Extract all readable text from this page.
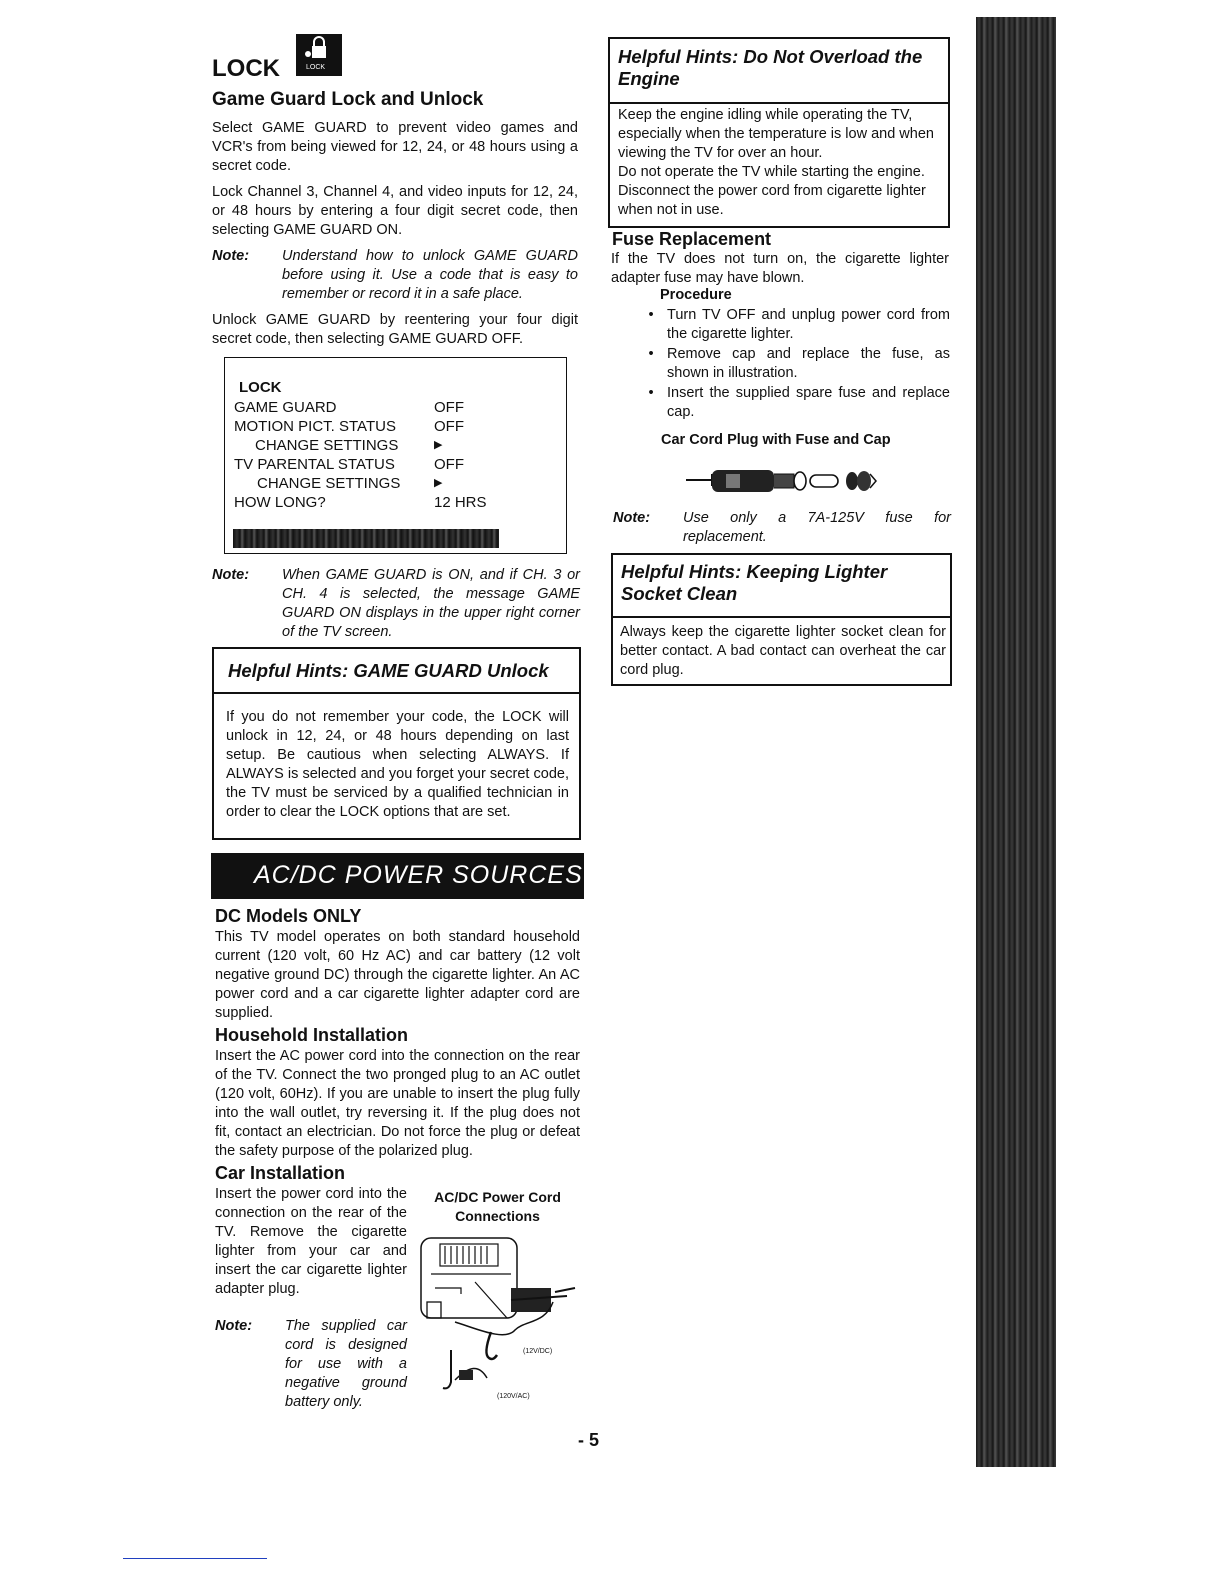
LOCK	LOCK
Game Guard Lock and Unlock

Select GAME GUARD to prevent video games and VCR's from being viewed for 12, 24, or 48 hours using a secret code.

Lock Channel 3, Channel 4, and video inputs for 12, 24, or 48 hours by entering a four digit secret code, then selecting GAME GUARD ON.

Note:	Understand how to unlock GAME GUARD before using it. Use a code that is easy to remember or record it in a safe place.

Unlock GAME GUARD by reentering your four digit secret code, then selecting GAME GUARD OFF.

LOCK
GAME GUARD	OFF
MOTION PICT. STATUS	OFF
CHANGE SETTINGS	▶
TV PARENTAL STATUS	OFF
CHANGE SETTINGS	▶
HOW LONG?	12 HRS
Note:	When GAME GUARD is ON, and if CH. 3 or CH. 4 is selected, the message GAME GUARD ON displays in the upper right corner of the TV screen.
Helpful Hints: GAME GUARD Unlock

If you do not remember your code, the LOCK will unlock in 12, 24, or 48 hours depending on last setup. Be cautious when selecting ALWAYS. If ALWAYS is selected and you forget your secret code, the TV must be serviced by a qualified technician in order to clear the LOCK options that are set.

AC/DC POWER SOURCES
DC Models ONLY

This TV model operates on both standard household current (120 volt, 60 Hz AC) and car battery (12 volt negative ground DC) through the cigarette lighter. An AC power cord and a car cigarette lighter adapter cord are supplied.

Household Installation

Insert the AC power cord into the connection on the rear of the TV. Connect the two pronged plug to an AC outlet (120 volt, 60Hz). If you are unable to insert the plug fully into the wall outlet, try reversing it. If the plug does not fit, contact an electrician. Do not force the plug or defeat the safety purpose of the polarized plug.

Car Installation

Insert the power cord into the connection on the rear of the TV. Remove the cigarette lighter from your car and insert the car cigarette lighter adapter plug.

Note:	The supplied car cord is designed for use with a negative ground battery only.
AC/DC Power Cord Connections
(12V/DC)
(120V/AC)
- 5
Helpful Hints: Do Not Overload the Engine

Keep the engine idling while operating the TV, especially when the temperature is low and when viewing the TV for over an hour.

Do not operate the TV while starting the engine.

Disconnect the power cord from cigarette lighter when not in use.

Fuse Replacement

If the TV does not turn on, the cigarette lighter adapter fuse may have blown.

Procedure
• Turn TV OFF and unplug power cord from the cigarette lighter.
• Remove cap and replace the fuse, as shown in illustration.
• Insert the supplied spare fuse and replace cap.
Car Cord Plug with Fuse and Cap
Note:	Use only a 7A-125V fuse for replacement.
Helpful Hints: Keeping Lighter Socket Clean

Always keep the cigarette lighter socket clean for better contact. A bad contact can overheat the car cord plug.
